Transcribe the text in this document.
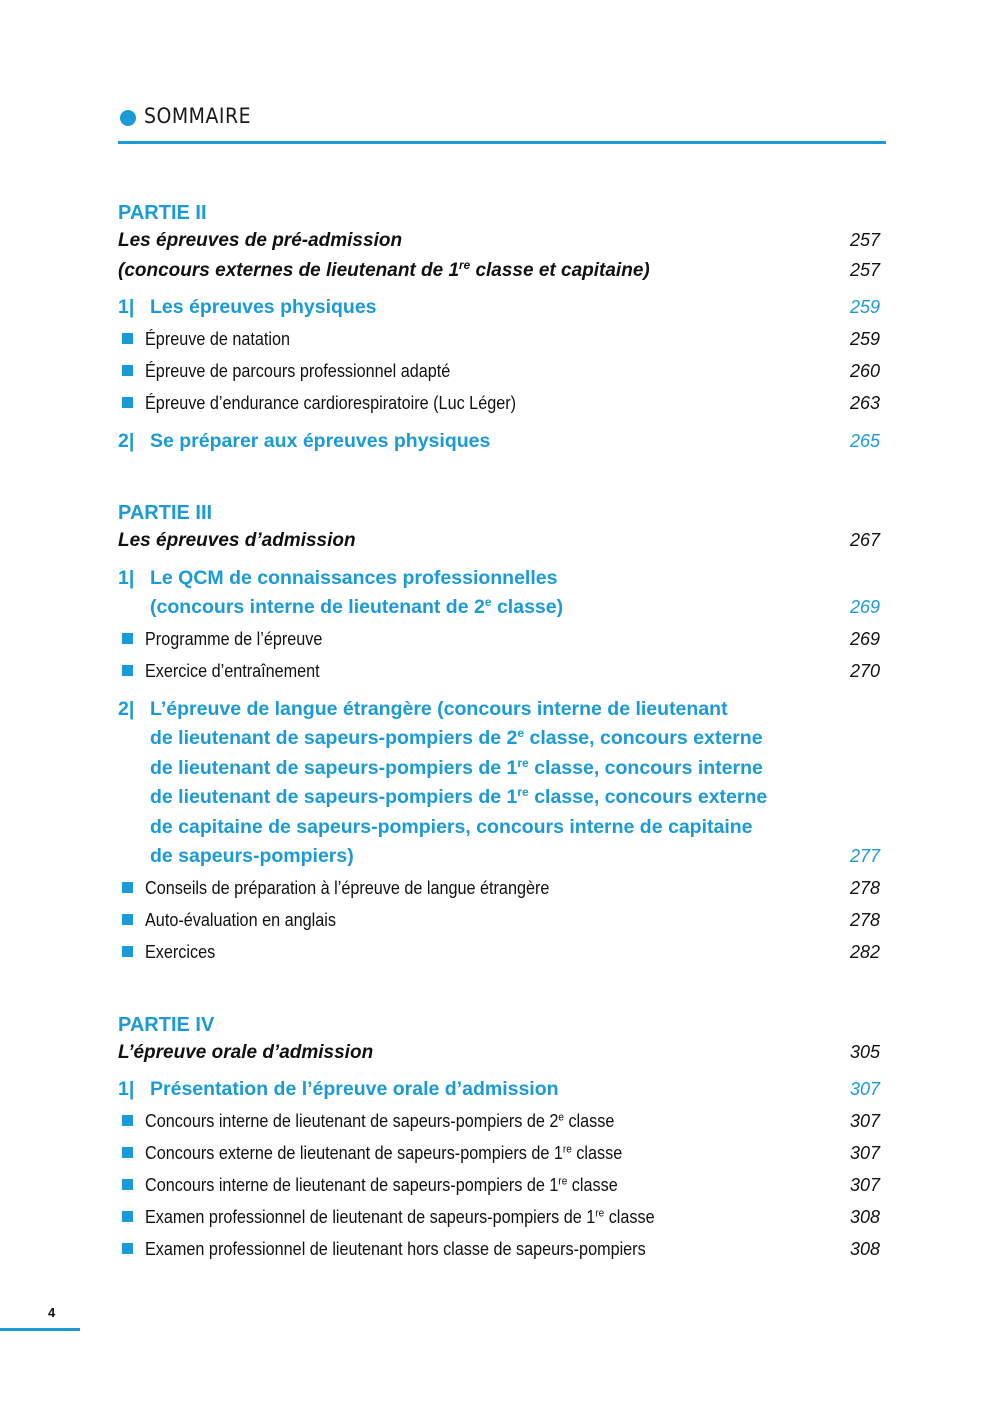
SOMMAIRE
PARTIE II
Les épreuves de pré-admission	257
(concours externes de lieutenant de 1re classe et capitaine)	257
1| Les épreuves physiques	259
Épreuve de natation	259
Épreuve de parcours professionnel adapté	260
Épreuve d’endurance cardiorespiratoire (Luc Léger)	263
2| Se préparer aux épreuves physiques	265
PARTIE III
Les épreuves d’admission	267
1| Le QCM de connaissances professionnelles
(concours interne de lieutenant de 2e classe)	269
Programme de l’épreuve	269
Exercice d’entraînement	270
2| L’épreuve de langue étrangère (concours interne de lieutenant
de lieutenant de sapeurs-pompiers de 2e classe, concours externe
de lieutenant de sapeurs-pompiers de 1re classe, concours interne
de lieutenant de sapeurs-pompiers de 1re classe, concours externe
de capitaine de sapeurs-pompiers, concours interne de capitaine
de sapeurs-pompiers)	277
Conseils de préparation à l’épreuve de langue étrangère	278
Auto-évaluation en anglais	278
Exercices	282
PARTIE IV
L’épreuve orale d’admission	305
1| Présentation de l’épreuve orale d’admission	307
Concours interne de lieutenant de sapeurs-pompiers de 2e classe	307
Concours externe de lieutenant de sapeurs-pompiers de 1re classe	307
Concours interne de lieutenant de sapeurs-pompiers de 1re classe	307
Examen professionnel de lieutenant de sapeurs-pompiers de 1re classe	308
Examen professionnel de lieutenant hors classe de sapeurs-pompiers	308
4
